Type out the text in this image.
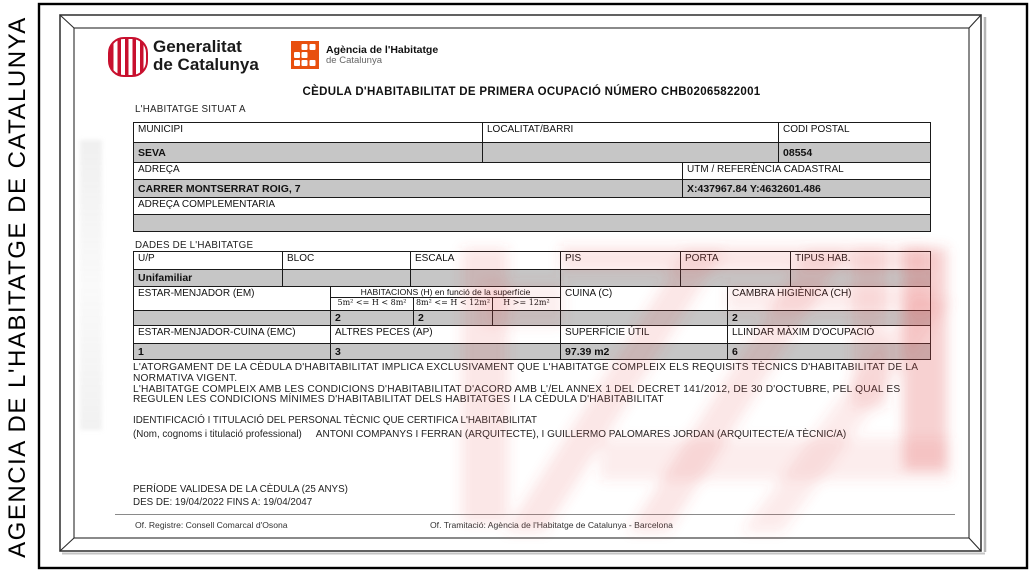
AGENCIA DE L'HABITATGE DE CATALUNYA	Generalitat
de Catalunya
Agència de l'Habitatge
de Catalunya
CÈDULA D'HABITABILITAT DE PRIMERA OCUPACIÓ NÚMERO CHB02065822001
L'HABITATGE SITUAT A
MUNICIPI	LOCALITAT/BARRI		CODI POSTAL
SEVA			08554
ADREÇA		UTM / REFERÈNCIA CADASTRAL	
CARRER MONTSERRAT ROIG, 7		X:437967.84 Y:4632601.486	
ADREÇA COMPLEMENTARIA			

DADES DE L'HABITATGE
U/P	BLOC	ESCALA	PIS	PORTA	TIPUS HAB.
Unifamiliar					
ESTAR-MENJADOR (EM)	HABITACIONS (H) en funció de la superfície			CUINA (C)	CAMBRA HIGIÈNICA (CH)
	5m² <= H < 8m²	8m² <= H < 12m²	H >= 12m²		
	2	2			2
ESTAR-MENJADOR-CUINA (EMC)	ALTRES PECES (AP)			SUPERFÍCIE ÚTIL	LLINDAR MÀXIM D'OCUPACIÓ
1	3			97.39 m2	6
L'ATORGAMENT DE LA CÈDULA D'HABITABILITAT IMPLICA EXCLUSIVAMENT QUE L'HABITATGE COMPLEIX ELS REQUISITS TÈCNICS D'HABITABILITAT DE LA NORMATIVA VIGENT.
L'HABITATGE COMPLEIX AMB LES CONDICIONS D'HABITABILITAT D'ACORD AMB L'/EL ANNEX 1 DEL DECRET 141/2012, DE 30 D'OCTUBRE, PEL QUAL ES REGULEN LES CONDICIONS MÍNIMES D'HABITABILITAT DELS HABITATGES I LA CÈDULA D'HABITABILITAT
IDENTIFICACIÓ I TITULACIÓ DEL PERSONAL TÈCNIC QUE CERTIFICA L'HABITABILITAT
(Nom, cognoms i titulació professional) ANTONI COMPANYS I FERRAN (ARQUITECTE), I GUILLERMO PALOMARES JORDAN (ARQUITECTE/A TÈCNIC/A)
PERÍODE VALIDESA DE LA CÈDULA (25 ANYS)
DES DE: 19/04/2022 FINS A: 19/04/2047
Of. Registre: Consell Comarcal d'Osona	Of. Tramitació: Agència de l'Habitatge de Catalunya - Barcelona
